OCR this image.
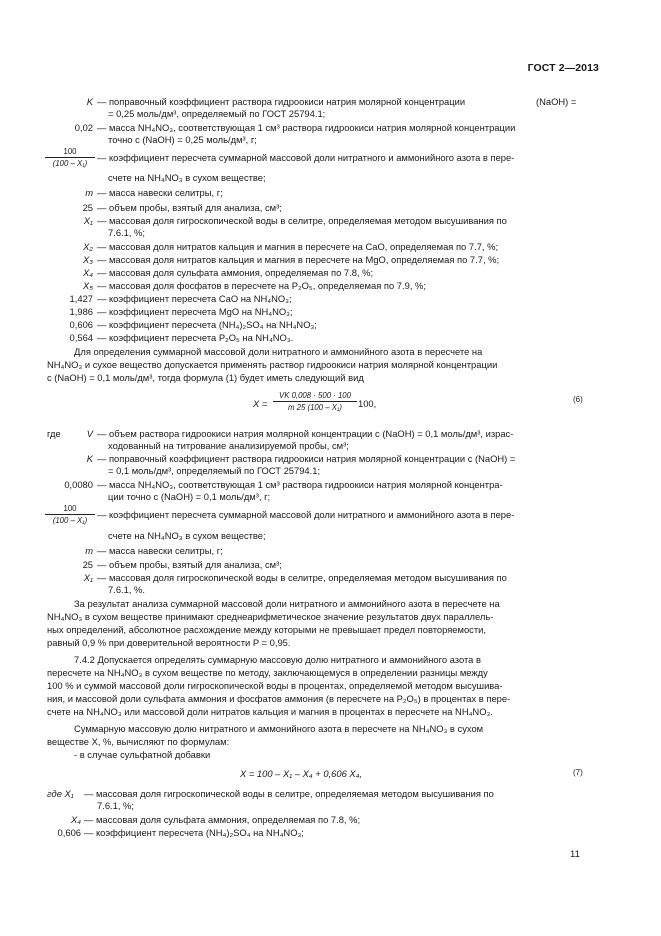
ГОСТ 2—2013
K — поправочный коэффициент раствора гидроокиси натрия молярной концентрации	(NaOH) =
= 0,25 моль/дм³, определяемый по ГОСТ 25794.1;
0,02 — масса NH₄NO₃, соответствующая 1 см³ раствора гидроокиси натрия молярной концентрации
точно c (NaOH) = 0,25 моль/дм³, г;
$\frac{100}{\text{(100 – X₁)}}$ — коэффициент пересчета суммарной массовой доли нитратного и аммонийного азота в пере-
счете на NH₄NO₃ в сухом веществе;
m — масса навески селитры, г;
25 — объем пробы, взятый для анализа, см³;
X₁ — массовая доля гигроскопической воды в селитре, определяемая методом высушивания по
7.6.1, %;
X₂ — массовая доля нитратов кальция и магния в пересчете на CaO, определяемая по 7.7, %;
X₃ — массовая доля нитратов кальция и магния в пересчете на MgO, определяемая по 7.7, %;
X₄ — массовая доля сульфата аммония, определяемая по 7.8, %;
X₅ — массовая доля фосфатов в пересчете на P₂O₅, определяемая по 7.9, %;
1,427 — коэффициент пересчета CaO на NH₄NO₃;
1,986 — коэффициент пересчета MgO на NH₄NO₃;
0,606 — коэффициент пересчета (NH₄)₂SO₄ на NH₄NO₃;
0,564 — коэффициент пересчета P₂O₅ на NH₄NO₃.
Для определения суммарной массовой доли нитратного и аммонийного азота в пересчете на
NH₄NO₃ и сухое вещество допускается применять раствор гидроокиси натрия молярной концентрации
c (NaOH) = 0,1 моль/дм³, тогда формула (1) будет иметь следующий вид
$X = \frac{VK 0,008 \cdot 500 \cdot 100}{\text{m 25 (100 – X₁)}} 100$,	(6)
где	V — объем раствора гидроокиси натрия молярной концентрации c (NaOH) = 0,1 моль/дм³, израс-
ходованный на титрование анализируемой пробы, см³;
K — поправочный коэффициент раствора гидроокиси натрия молярной концентрации c (NaOH) =
= 0,1 моль/дм³, определяемый по ГОСТ 25794.1;
0,0080 — масса NH₄NO₃, соответствующая 1 см³ раствора гидроокиси натрия молярной концентра-
ции точно c (NaOH) = 0,1 моль/дм³, г;
$\frac{100}{\text{(100 – X₁)}}$ — коэффициент пересчета суммарной массовой доли нитратного и аммонийного азота в пере-
счете на NH₄NO₃ в сухом веществе;
m — масса навески селитры, г;
25 — объем пробы, взятый для анализа, см³;
X₁ — массовая доля гигроскопической воды в селитре, определяемая методом высушивания по
7.6.1, %.
За результат анализа суммарной массовой доли нитратного и аммонийного азота в пересчете на
NH₄NO₃ в сухом веществе принимают среднеарифметическое значение результатов двух параллель-
ных определений, абсолютное расхождение между которыми не превышает предел повторяемости,
равный 0,9 % при доверительной вероятности P = 0,95.
7.4.2 Допускается определять суммарную массовую долю нитратного и аммонийного азота в
пересчете на NH₄NO₃ в сухом веществе по методу, заключающемуся в определении разницы между
100 % и суммой массовой доли гигроскопической воды в процентах, определяемой методом высушива-
ния, и массовой доли сульфата аммония и фосфатов аммония (в пересчете на P₂O₅) в процентах в пере-
счете на NH₄NO₃ или массовой доли нитратов кальция и магния в процентах в пересчете на NH₄NO₃.
Суммарную массовую долю нитратного и аммонийного азота в пересчете на NH₄NO₃ в сухом
веществе X, %, вычисляют по формулам:
- в случае сульфатной добавки
X = 100 – X₁ – X₄ + 0,606 X₄,	(7)
где X₁ — массовая доля гигроскопической воды в селитре, определяемая методом высушивания по
7.6.1, %;
X₄ — массовая доля сульфата аммония, определяемая по 7.8, %;
0,606 — коэффициент пересчета (NH₄)₂SO₄ на NH₄NO₃;
11
